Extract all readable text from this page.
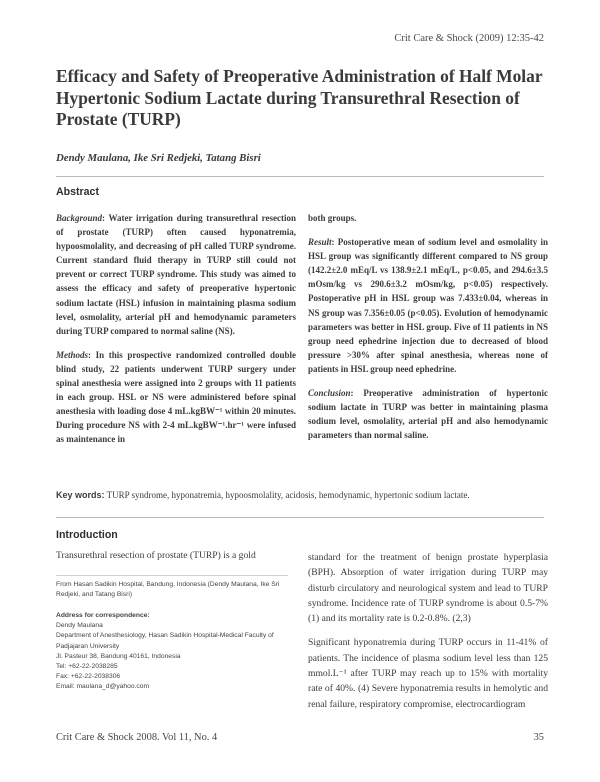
Crit Care & Shock (2009) 12:35-42
Efficacy and Safety of Preoperative Administration of Half Molar Hypertonic Sodium Lactate during Transurethral Resection of Prostate (TURP)
Dendy Maulana, Ike Sri Redjeki, Tatang Bisri
Abstract

Background: Water irrigation during transurethral resection of prostate (TURP) often caused hyponatremia, hypoosmolality, and decreasing of pH called TURP syndrome. Current standard fluid therapy in TURP still could not prevent or correct TURP syndrome. This study was aimed to assess the efficacy and safety of preoperative hypertonic sodium lactate (HSL) infusion in maintaining plasma sodium level, osmolality, arterial pH and hemodynamic parameters during TURP compared to normal saline (NS).

Methods: In this prospective randomized controlled double blind study, 22 patients underwent TURP surgery under spinal anesthesia were assigned into 2 groups with 11 patients in each group. HSL or NS were administered before spinal anesthesia with loading dose 4 mL.kgBW⁻¹ within 20 minutes. During procedure NS with 2-4 mL.kgBW⁻¹.hr⁻¹ were infused as maintenance in

both groups.

Result: Postoperative mean of sodium level and osmolality in HSL group was significantly different compared to NS group (142.2±2.0 mEq/L vs 138.9±2.1 mEq/L, p<0.05, and 294.6±3.5 mOsm/kg vs 290.6±3.2 mOsm/kg, p<0.05) respectively. Postoperative pH in HSL group was 7.433±0.04, whereas in NS group was 7.356±0.05 (p<0.05). Evolution of hemodynamic parameters was better in HSL group. Five of 11 patients in NS group need ephedrine injection due to decreased of blood pressure >30% after spinal anesthesia, whereas none of patients in HSL group need ephedrine.

Conclusion: Preoperative administration of hypertonic sodium lactate in TURP was better in maintaining plasma sodium level, osmolality, arterial pH and also hemodynamic parameters than normal saline.

Key words: TURP syndrome, hyponatremia, hypoosmolality, acidosis, hemodynamic, hypertonic sodium lactate.
Introduction

Transurethral resection of prostate (TURP) is a gold

From Hasan Sadikin Hospital, Bandung, Indonesia (Dendy Maulana, Ike Sri Redjeki, and Tatang Bisri)
Address for correspondence:
Dendy Maulana
Department of Anesthesiology, Hasan Sadikin Hospital-Medical Faculty of Padjajaran University
Jl. Pasteur 38, Bandung 40161, Indonesia
Tel: +62-22-2038285
Fax: +62-22-2038306
Email: maulana_d@yahoo.com

standard for the treatment of benign prostate hyperplasia (BPH). Absorption of water irrigation during TURP may disturb circulatory and neurological system and lead to TURP syndrome. Incidence rate of TURP syndrome is about 0.5-7% (1) and its mortality rate is 0.2-0.8%. (2,3)

Significant hyponatremia during TURP occurs in 11-41% of patients. The incidence of plasma sodium level less than 125 mmol.L⁻¹ after TURP may reach up to 15% with mortality rate of 40%. (4) Severe hyponatremia results in hemolytic and renal failure, respiratory compromise, electrocardiogram

Crit Care & Shock 2008. Vol 11, No. 4	35
